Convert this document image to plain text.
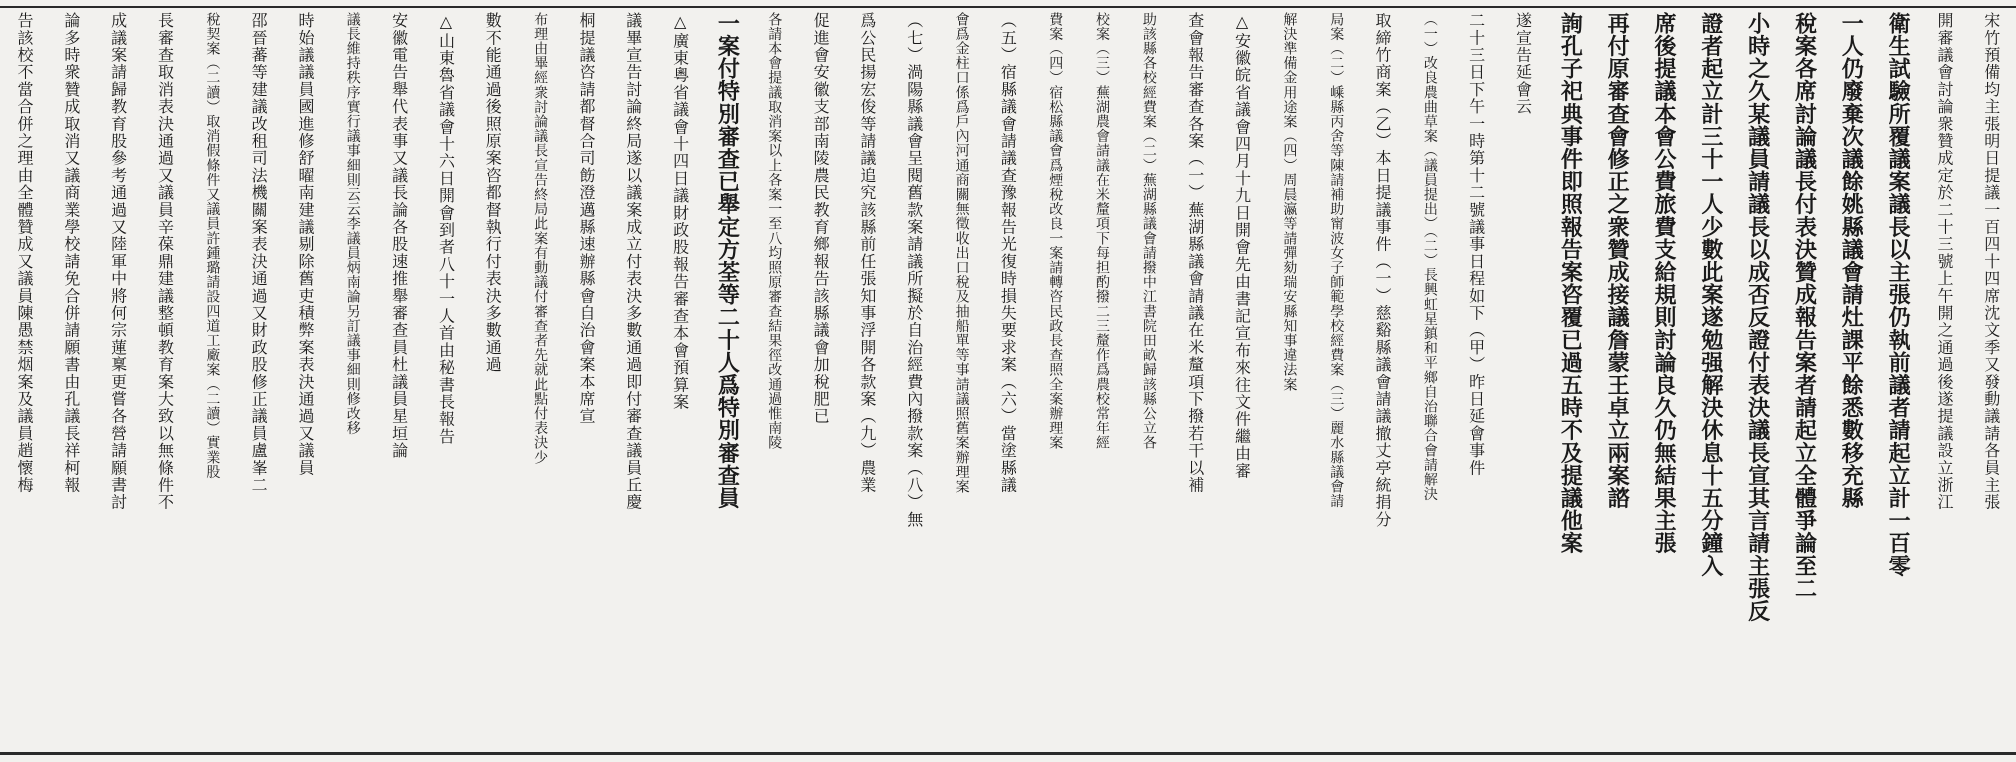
宋竹預備均主張明日提議一百四十四席沈文季又發動議請各員主張
開審議會討論衆贊成定於二十三號上午開之通過後遂提議設立浙江
衛生試驗所覆議案議長以主張仍執前議者請起立計一百零
一人仍廢棄次議餘姚縣議會請灶課平餘悉數移充縣
稅案各席討論議長付表決贊成報告案者請起立全體爭論至二
小時之久某議員請議長以成否反證付表決議長宣其言請主張反
證者起立計三十一人少數此案遂勉强解決休息十五分鐘入
席後提議本會公費旅費支給規則討論良久仍無結果主張
再付原審查會修正之衆贊成接議詹蒙王卓立兩案諮
詢孔子祀典事件即照報告案咨覆已過五時不及提議他案
遂宣告延會云
二十三日下午一時第十二號議事日程如下（甲）昨日延會事件
（一）改良農曲草案（議員提出）（二）長興虹星鎮和平鄉自治聯合會請解決
取締竹商案（乙）本日提議事件（一）慈谿縣議會請議撤丈亭統捐分
局案（二）嵊縣丙舍等陳請補助甯波女子師範學校經費案（三）麗水縣議會請
解決準備金用途案（四）周晨瀛等請彈劾瑞安縣知事違法案
△安徽皖省議會四月十九日開會先由書記宣布來往文件繼由審
查會報告審查各案（一）蕪湖縣議會請議在米釐項下撥若干以補
助該縣各校經費案（二）蕪湖縣議會請撥中江書院田畝歸該縣公立各
校案（三）蕪湖農會請議在米釐項下每担酌撥二三釐作爲農校常年經
費案（四）宿松縣議會爲煙稅改良一案請轉咨民政長查照全案辦理案
（五）宿縣議會請議查豫報告光復時損失要求案（六）當塗縣議
會爲金柱口係爲戶內河通商關無徵收出口稅及抽船單等事請議照舊案辦理案
（七）渦陽縣議會呈閱舊款案請議所擬於自治經費內撥款案（八）無
爲公民揚宏俊等請議追究該縣前任張知事浮開各款案（九）農業
促進會安徽支部南陵農民教育鄉報告該縣議會加稅肥已
各請本會提議取消案以上各案一至八均照原審查結果徑改通過惟南陵
一案付特別審查已舉定方荃等二十人爲特別審查員
△廣東粵省議會十四日議財政股報告審查本會預算案
議畢宣告討論終局遂以議案成立付表決多數通過即付審查議員丘慶
桐提議咨請都督合司飭澄邁縣速辦縣會自治會案本席宣
布理由畢經衆討論議長宣告終局此案有動議付審查者先就此點付表決少
數不能通過後照原案咨都督執行付表決多數通過
△山東魯省議會十六日開會到者八十一人首由秘書長報告
安徽電告舉代表事又議長論各股速推舉審查員杜議員星垣論
議長維持秩序實行議事細則云云李議員炳南論另訂議事細則修改移
時始議議員國進修舒曜南建議剔除舊吏積弊案表決通過又議員
邵晉蕃等建議改租司法機關案表決通過又財政股修正議員盧峯二
稅契案（二讀）取消假條件又議員許鍾璐請設四道工廠案（二讀）實業股
長審查取消表決通過又議員辛葆鼎建議整頓教育案大致以無條件不
成議案請歸教育股參考通過又陸軍中將何宗蓮稟更嘗各營請願書討
論多時衆贊成取消又議商業學校請免合併請願書由孔議長祥柯報
告該校不當合併之理由全體贊成又議員陳愚禁烟案及議員趙懷梅
